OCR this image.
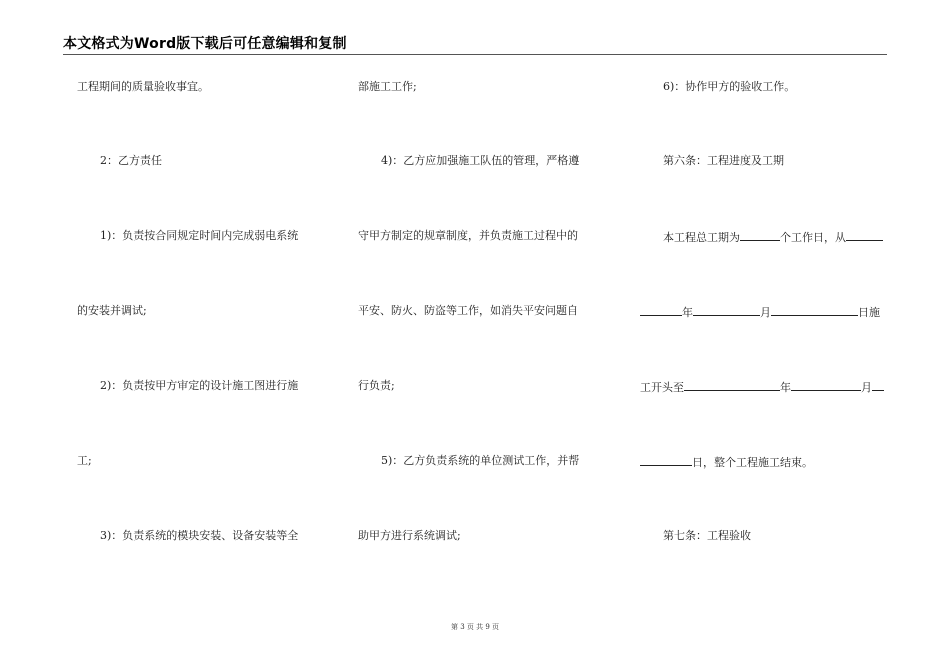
本文格式为Word版下载后可任意编辑和复制
工程期间的质量验收事宜。
2：乙方责任
1)：负责按合同规定时间内完成弱电系统
的安装并调试;
2)：负责按甲方审定的设计施工图进行施
工;
3)：负责系统的模块安装、设备安装等全
部施工工作;
4)：乙方应加强施工队伍的管理，严格遵
守甲方制定的规章制度，并负责施工过程中的
平安、防火、防盗等工作，如消失平安问题自
行负责;
5)：乙方负责系统的单位测试工作，并帮
助甲方进行系统调试;
6)：协作甲方的验收工作。
第六条：工程进度及工期
本工程总工期为	个工作日，从
年	月	日施
工开头至	年	月
日，整个工程施工结束。
第七条：工程验收
第 3 页 共 9 页
